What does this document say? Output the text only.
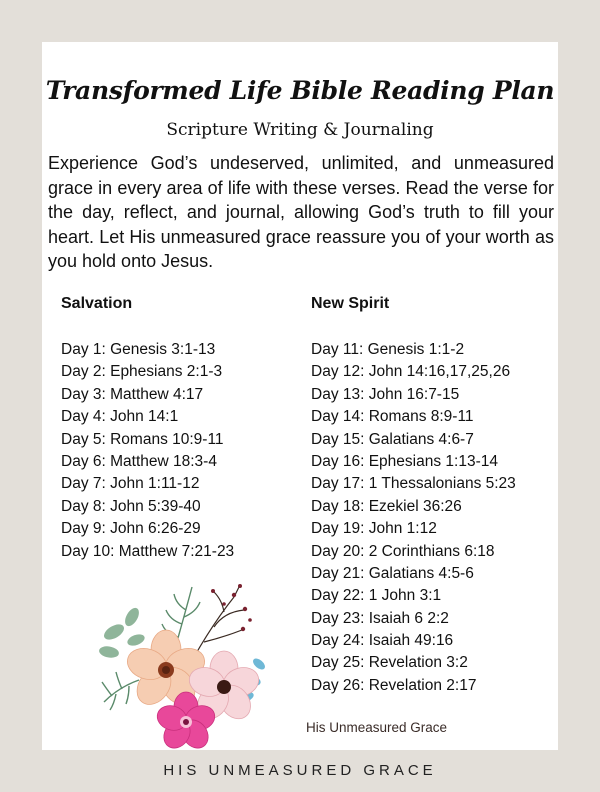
Transformed Life Bible Reading Plan
Scripture Writing & Journaling

Experience God’s undeserved, unlimited, and unmeasured grace in every area of life with these verses. Read the verse for the day, reflect, and journal, allowing God’s truth to fill your heart. Let His unmeasured grace reassure you of your worth as you hold onto Jesus.

Salvation
Day 1: Genesis 3:1-13
Day 2: Ephesians 2:1-3
Day 3: Matthew 4:17
Day 4: John 14:1
Day 5: Romans 10:9-11
Day 6: Matthew 18:3-4
Day 7: John 1:11-12
Day 8: John 5:39-40
Day 9: John 6:26-29
Day 10: Matthew 7:21-23
New Spirit
Day 11: Genesis 1:1-2
Day 12: John 14:16,17,25,26
Day 13: John 16:7-15
Day 14: Romans 8:9-11
Day 15: Galatians 4:6-7
Day 16: Ephesians 1:13-14
Day 17: 1 Thessalonians 5:23
Day 18: Ezekiel 36:26
Day 19: John 1:12
Day 20: 2 Corinthians 6:18
Day 21: Galatians 4:5-6
Day 22: 1 John 3:1
Day 23: Isaiah 6 2:2
Day 24: Isaiah 49:16
Day 25: Revelation 3:2
Day 26: Revelation 2:17
His Unmeasured Grace
HIS UNMEASURED GRACE
